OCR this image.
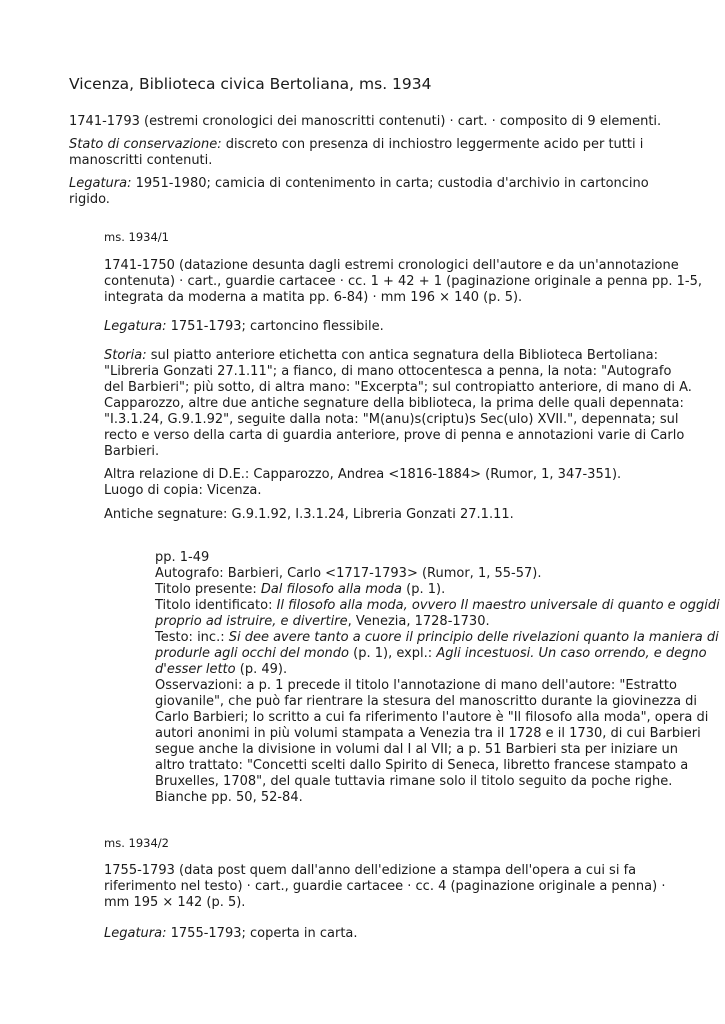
Vicenza, Biblioteca civica Bertoliana, ms. 1934
1741-1793 (estremi cronologici dei manoscritti contenuti) · cart. · composito di 9 elementi.
Stato di conservazione: discreto con presenza di inchiostro leggermente acido per tutti i
manoscritti contenuti.
Legatura: 1951-1980; camicia di contenimento in carta; custodia d'archivio in cartoncino
rigido.
ms. 1934/1
1741-1750 (datazione desunta dagli estremi cronologici dell'autore e da un'annotazione
contenuta) · cart., guardie cartacee · cc. 1 + 42 + 1 (paginazione originale a penna pp. 1-5,
integrata da moderna a matita pp. 6-84) · mm 196 × 140 (p. 5).
Legatura: 1751-1793; cartoncino flessibile.
Storia: sul piatto anteriore etichetta con antica segnatura della Biblioteca Bertoliana:
"Libreria Gonzati 27.1.11"; a fianco, di mano ottocentesca a penna, la nota: "Autografo
del Barbieri"; più sotto, di altra mano: "Excerpta"; sul contropiatto anteriore, di mano di A.
Capparozzo, altre due antiche segnature della biblioteca, la prima delle quali depennata:
"I.3.1.24, G.9.1.92", seguite dalla nota: "M(anu)s(criptu)s Sec(ulo) XVII.", depennata; sul
recto e verso della carta di guardia anteriore, prove di penna e annotazioni varie di Carlo
Barbieri.
Altra relazione di D.E.: Capparozzo, Andrea <1816-1884> (Rumor, 1, 347-351).
Luogo di copia: Vicenza.
Antiche segnature: G.9.1.92, I.3.1.24, Libreria Gonzati 27.1.11.
pp. 1-49
Autografo: Barbieri, Carlo <1717-1793> (Rumor, 1, 55-57).
Titolo presente: Dal filosofo alla moda (p. 1).
Titolo identificato: Il filosofo alla moda, ovvero Il maestro universale di quanto e oggidi
proprio ad istruire, e divertire, Venezia, 1728-1730.
Testo: inc.: Si dee avere tanto a cuore il principio delle rivelazioni quanto la maniera di
produrle agli occhi del mondo (p. 1), expl.: Agli incestuosi. Un caso orrendo, e degno
d'esser letto (p. 49).
Osservazioni: a p. 1 precede il titolo l'annotazione di mano dell'autore: "Estratto
giovanile", che può far rientrare la stesura del manoscritto durante la giovinezza di
Carlo Barbieri; lo scritto a cui fa riferimento l'autore è "Il filosofo alla moda", opera di
autori anonimi in più volumi stampata a Venezia tra il 1728 e il 1730, di cui Barbieri
segue anche la divisione in volumi dal I al VII; a p. 51 Barbieri sta per iniziare un
altro trattato: "Concetti scelti dallo Spirito di Seneca, libretto francese stampato a
Bruxelles, 1708", del quale tuttavia rimane solo il titolo seguito da poche righe.
Bianche pp. 50, 52-84.
ms. 1934/2
1755-1793 (data post quem dall'anno dell'edizione a stampa dell'opera a cui si fa
riferimento nel testo) · cart., guardie cartacee · cc. 4 (paginazione originale a penna) ·
mm 195 × 142 (p. 5).
Legatura: 1755-1793; coperta in carta.
